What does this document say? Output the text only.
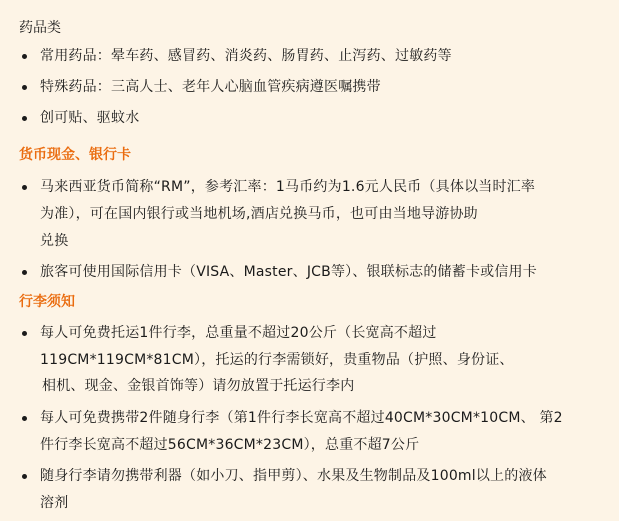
药品类
常用药品：晕车药、感冒药、消炎药、肠胃药、止泻药、过敏药等
特殊药品：三高人士、老年人心脑血管疾病遵医嘱携带
创可贴、驱蚊水
货币现金、银行卡
马来西亚货币简称“RM”，参考汇率：1马币约为1.6元人民币（具体以当时汇率
为准），可在国内银行或当地机场,酒店兑换马币，也可由当地导游协助
兑换
旅客可使用国际信用卡（VISA、Master、JCB等）、银联标志的储蓄卡或信用卡
行李须知
每人可免费托运1件行李，总重量不超过20公斤（长宽高不超过
119CM*119CM*81CM），托运的行李需锁好，贵重物品（护照、身份证、
相机、现金、金银首饰等）请勿放置于托运行李内
每人可免费携带2件随身行李（第1件行李长宽高不超过40CM*30CM*10CM、 第2
件行李长宽高不超过56CM*36CM*23CM），总重不超7公斤
随身行李请勿携带利器（如小刀、指甲剪）、水果及生物制品及100ml以上的液体
溶剂
